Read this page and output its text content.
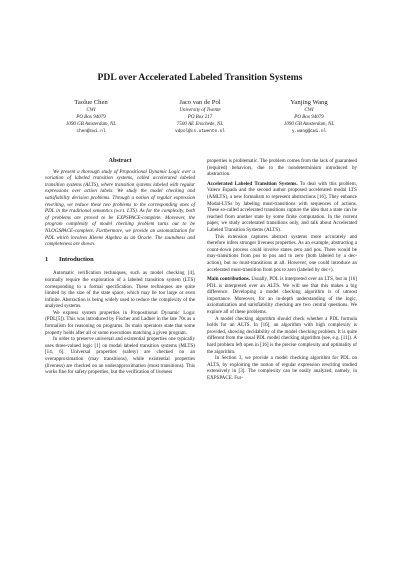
PDL over Accelerated Labeled Transition Systems
Taolue Chen
CWI
PO Box 94079
1090 GB Amsterdam, NL
chen@cwi.nl
Jaco van de Pol
University of Twente
PO Box 217
7500 AE Enschede, NL
vdpol@cs.utwente.nl
Yanjing Wang
CWI
PO Box 94079
1090 GB Amsterdam, NL
y.wang@cwi.nl
Abstract

We present a thorough study of Propositional Dynamic Logic over a variation of labeled transition systems, called accelerated labeled transition systems (ALTS), where transition systems labeled with regular expressions over action labels. We study the model checking and satisfiability decision problems. Through a notion of regular expression rewriting, we reduce these two problems to the corresponding ones of PDL in the traditional semantics (w.r.t. LTS). As for the complexity, both of problems are proved to be EXPSPACE-complete. Moreover, the program complexity of model checking problem turns out to be NLOGSPACE-complete. Furthermore, we provide an axiomatization for PDL which involves Kleene Algebra as an Oracle. The soundness and completeness are shown.

1 Introduction

Automatic verification techniques, such as model checking [4], normally require the exploration of a labeled transition system (LTS) corresponding to a formal specification. These techniques are quite limited by the size of the state space, which may be too large or even infinite. Abstraction is being widely used to reduce the complexity of the analyzed systems.

We express system properties in Propositional Dynamic Logic (PDL[5]). This was introduced by Fischer and Ladner in the late 70s as a formalism for reasoning on programs. Its main operators state that some property holds after all or some executions matching a given program.

In order to preserve universal and existential properties one typically uses three-valued logic [1] on modal labeled transition systems (MLTS) [14, 6]. Universal properties (safety) are checked on an overapproximation (may transitions), while existential properties (liveness) are checked on an underapproximation (must transitions). This works fine for safety properties, but the verification of liveness

properties is problematic. The problem comes from the lack of guaranteed (required) behaviors, due to the nondeterminism introduced by abstraction.

Accelerated Labeled Transition Systems. To deal with this problem, Valero Espada and the second author proposed accelerated modal LTS (AMLTS), a new formalism to represent abstractions [16]. They enhance Modal-LTSs by labeling must-transitions with sequences of actions. These so-called accelerated transitions capture the idea that a state can be reached from another state by some finite computation. In the current paper, we study accelerated transitions only, and talk about Accelerated Labeled Transition Systems (ALTS).

This extension captures abstract systems more accurately and therefore infers stronger liveness properties. As an example, abstracting a count-down process could involve states zero and pos. There would be may-transitions from pos to pos and to zero (both labeled by a dec-action), but no must-transitions at all. However, one could introduce an accelerated must-transition from pos to zero (labeled by dec+).

Main contributions. Usually, PDL is interpreted over an LTS, but in [16] PDL is interpreted over an ALTS. We will see that this makes a big difference. Developing a model checking algorithm is of utmost importance. Moreover, for an in-depth understanding of the logic, axiomatization and satisfiability checking are two central questions. We explore all of these problems.

A model checking algorithm should check whether a PDL formula holds for an ALTS. In [16], an algorithm with high complexity is provided, showing decidability of the model checking problem. It is quite different from the usual PDL model checking algorithm (see, e.g. [11]). A hard problem left open in [16] is the precise complexity and optimality of the algorithm.

In Section 3, we provide a model checking algorithm for PDL on ALTS, by exploiting the notion of regular expression rewriting studied extensively in [3]. The complexity can be easily analyzed, namely, in EXPSPACE. Fur-
